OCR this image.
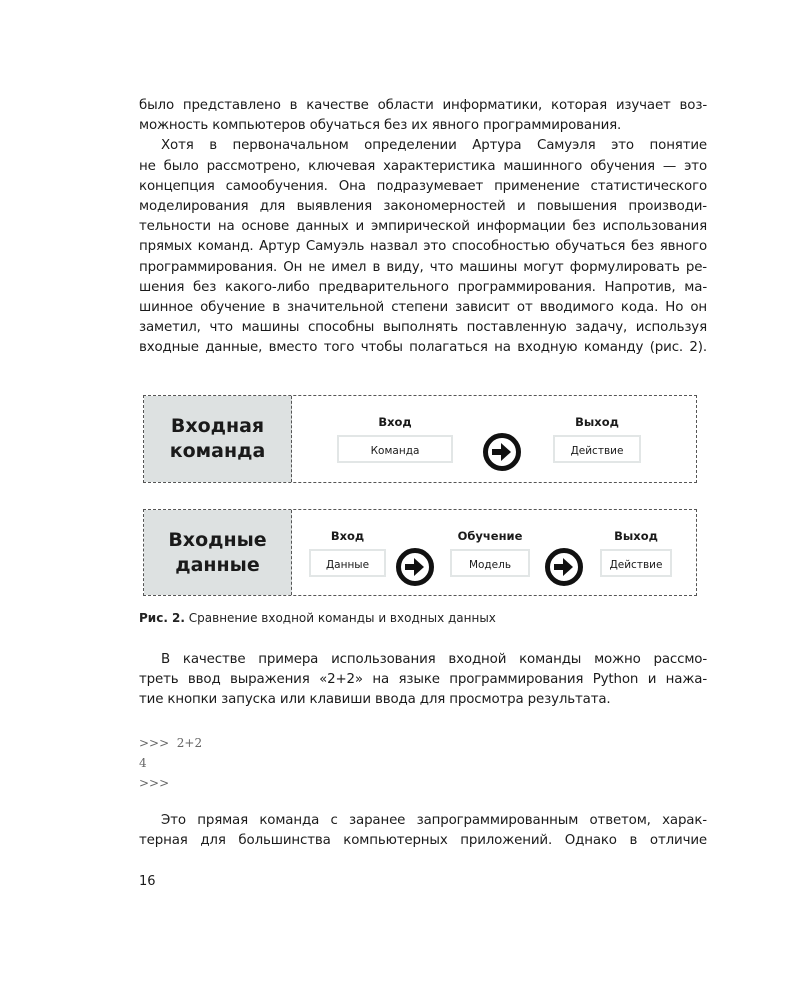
было представлено в качестве области информатики, которая изучает воз-
можность компьютеров обучаться без их явного программирования.

Хотя в первоначальном определении Артура Самуэля это понятие
не было рассмотрено, ключевая характеристика машинного обучения — это
концепция самообучения. Она подразумевает применение статистического
моделирования для выявления закономерностей и повышения производи-
тельности на основе данных и эмпирической информации без использования
прямых команд. Артур Самуэль назвал это способностью обучаться без явного
программирования. Он не имел в виду, что машины могут формулировать ре-
шения без какого-либо предварительного программирования. Напротив, ма-
шинное обучение в значительной степени зависит от вводимого кода. Но он
заметил, что машины способны выполнять поставленную задачу, используя
входные данные, вместо того чтобы полагаться на входную команду (рис. 2).

Входная
команда
Вход
Команда
Выход
Действие
Входные
данные
Вход
Данные
Обучение
Модель
Выход
Действие
Рис. 2. Сравнение входной команды и входных данных

В качестве примера использования входной команды можно рассмо-
треть ввод выражения «2+2» на языке программирования Python и нажа-
тие кнопки запуска или клавиши ввода для просмотра результата.

>>>  2+2
4
>>>

Это прямая команда с заранее запрограммированным ответом, харак-
терная для большинства компьютерных приложений. Однако в отличие

16
